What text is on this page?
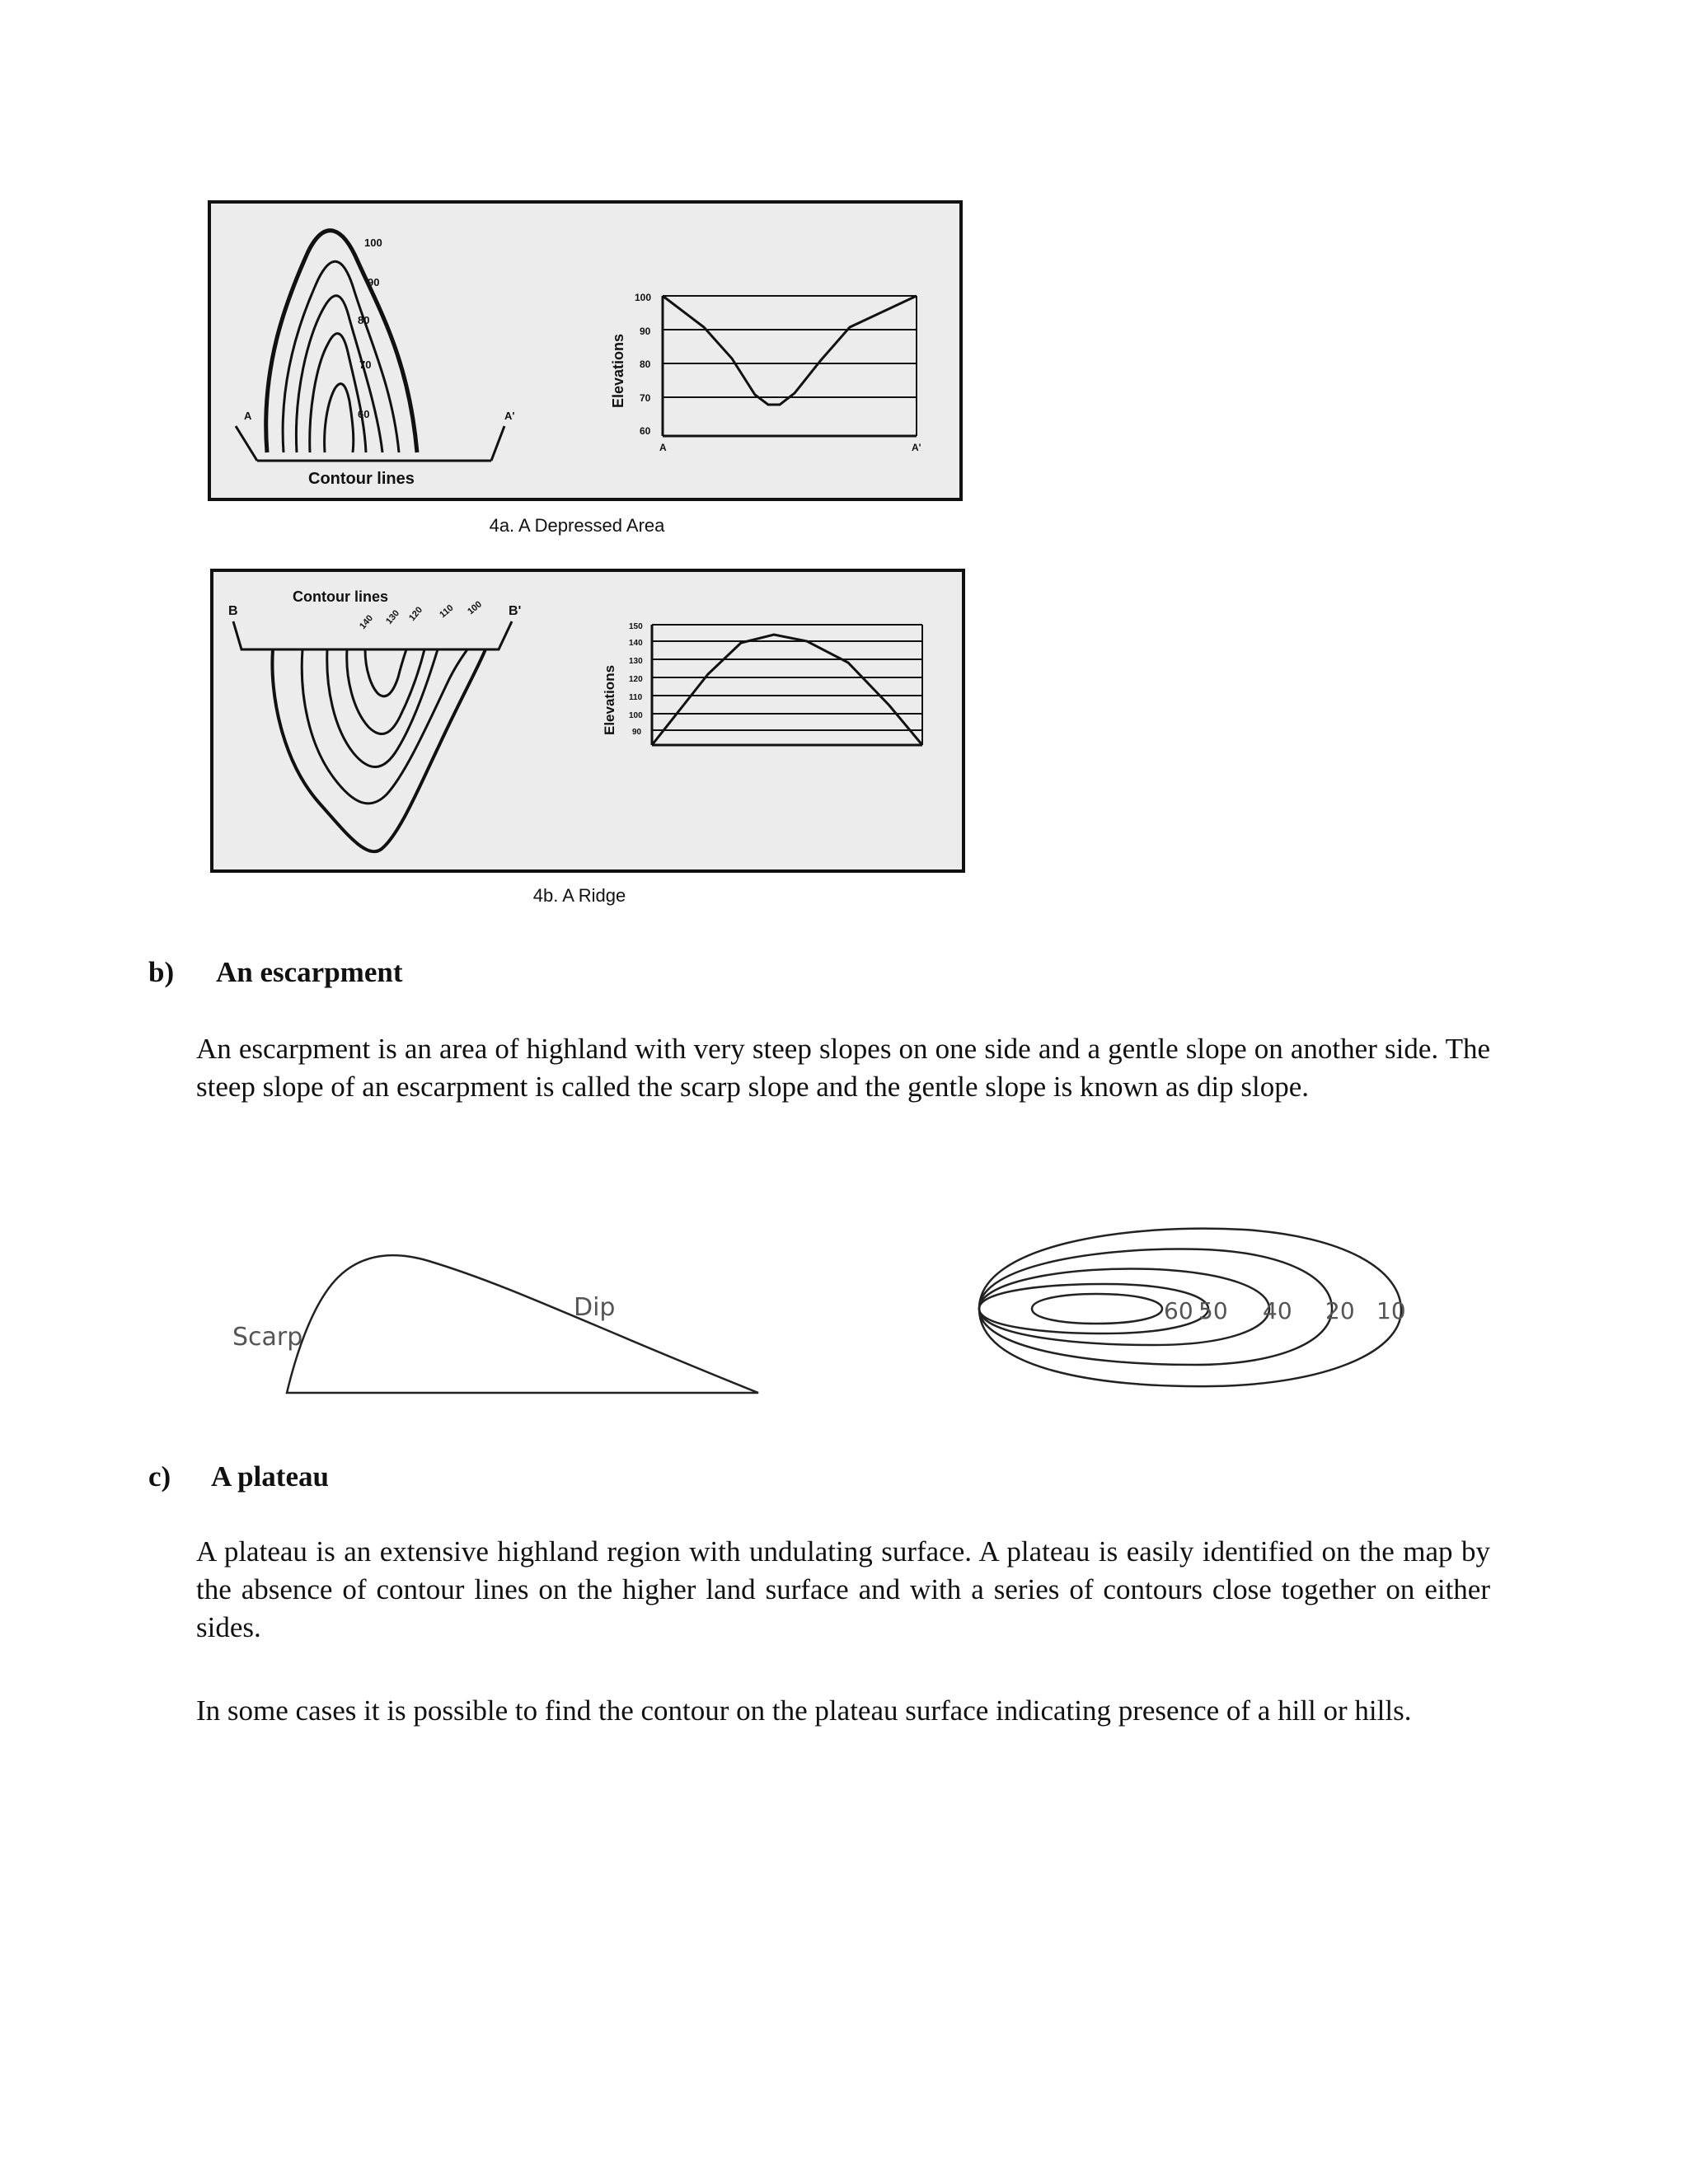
100
90
80
70
60
A	A'
Contour lines
100
90
80
70
60
A	A'
Elevations
4a. A Depressed Area
B	B'
Contour lines
140 130 120 110 100
150
140
130
120
110
100
90
Elevations
4b. A Ridge
b) An escarpment

An escarpment is an area of highland with very steep slopes on one side and a gentle slope on another side. The steep slope of an escarpment is called the scarp slope and the gentle slope is known as dip slope.

Scarp
Dip	60 50 40 20 10
c) A plateau

A plateau is an extensive highland region with undulating surface. A plateau is easily identified on the map by the absence of contour lines on the higher land surface and with a series of contours close together on either sides.

In some cases it is possible to find the contour on the plateau surface indicating presence of a hill or hills.
